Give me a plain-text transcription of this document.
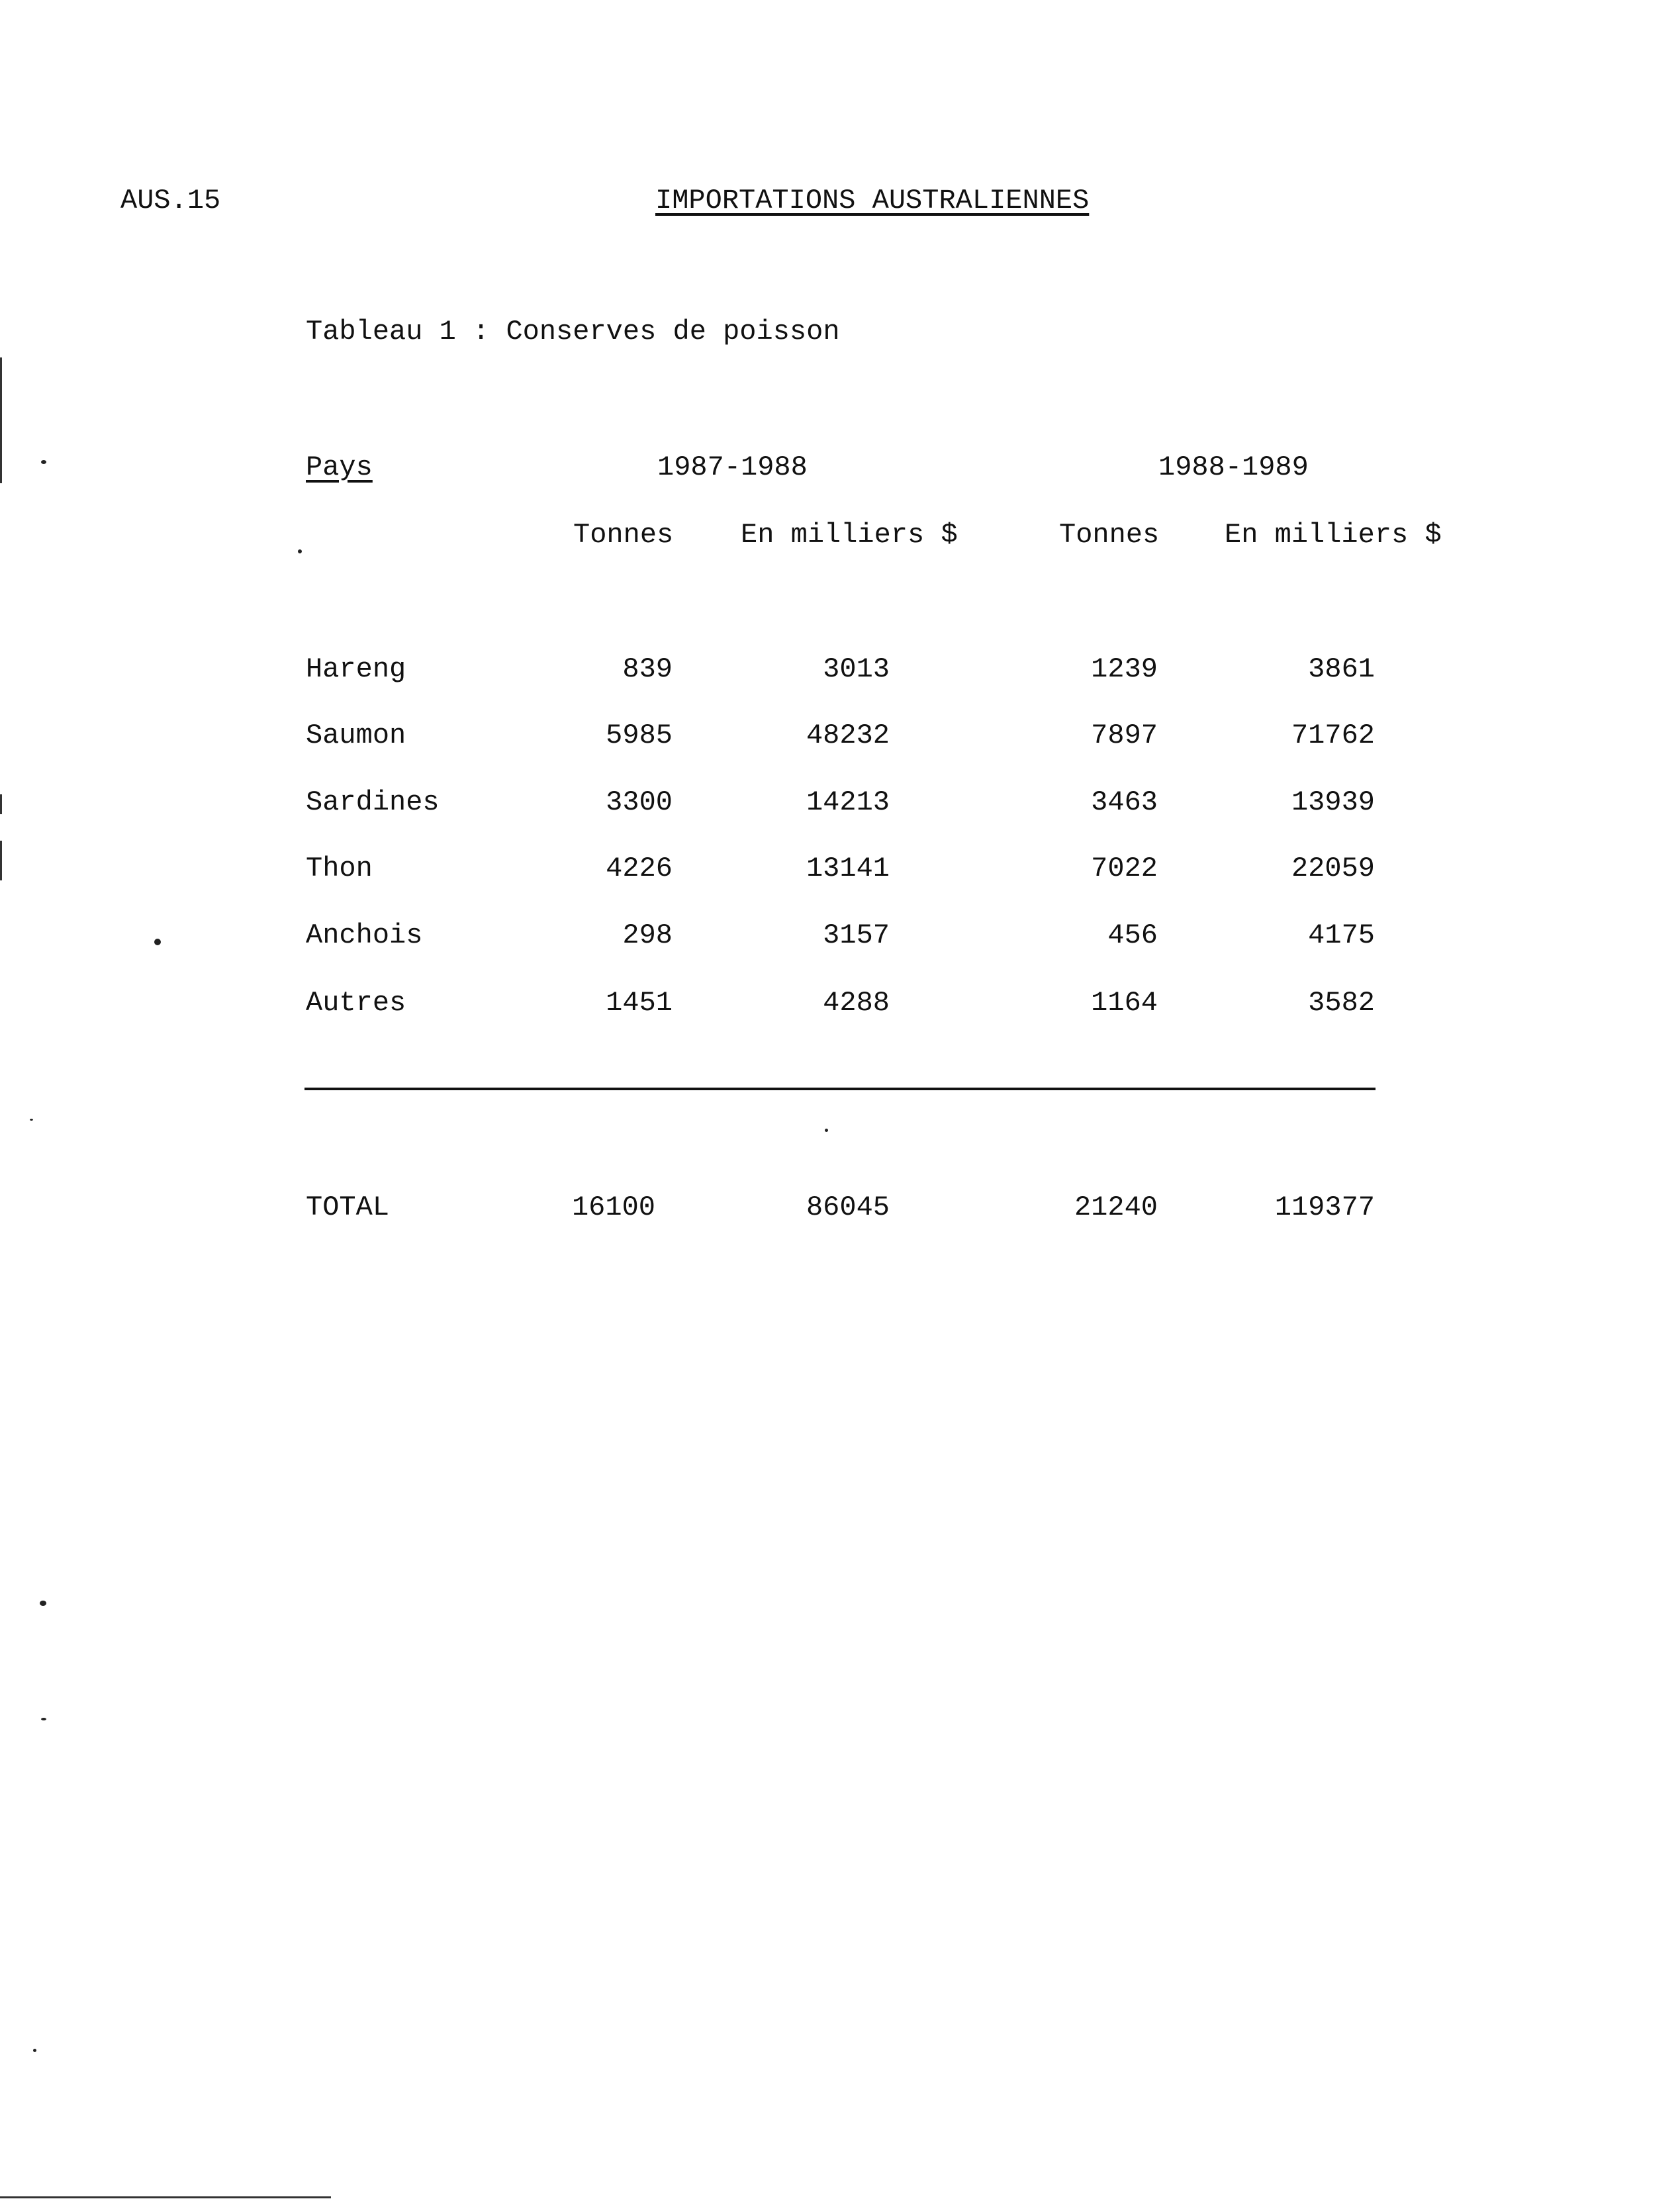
AUS.15	IMPORTATIONS AUSTRALIENNES
Tableau 1 : Conserves de poisson
Pays	1987-1988	1988-1989
Tonnes En milliers $	Tonnes En milliers $
Hareng	839	3013	1239	3861
Saumon	5985	48232	7897	71762
Sardines	3300	14213	3463	13939
Thon	4226	13141	7022	22059
Anchois	298	3157	456	4175
Autres	1451	4288	1164	3582
TOTAL	16100	86045	21240	119377
